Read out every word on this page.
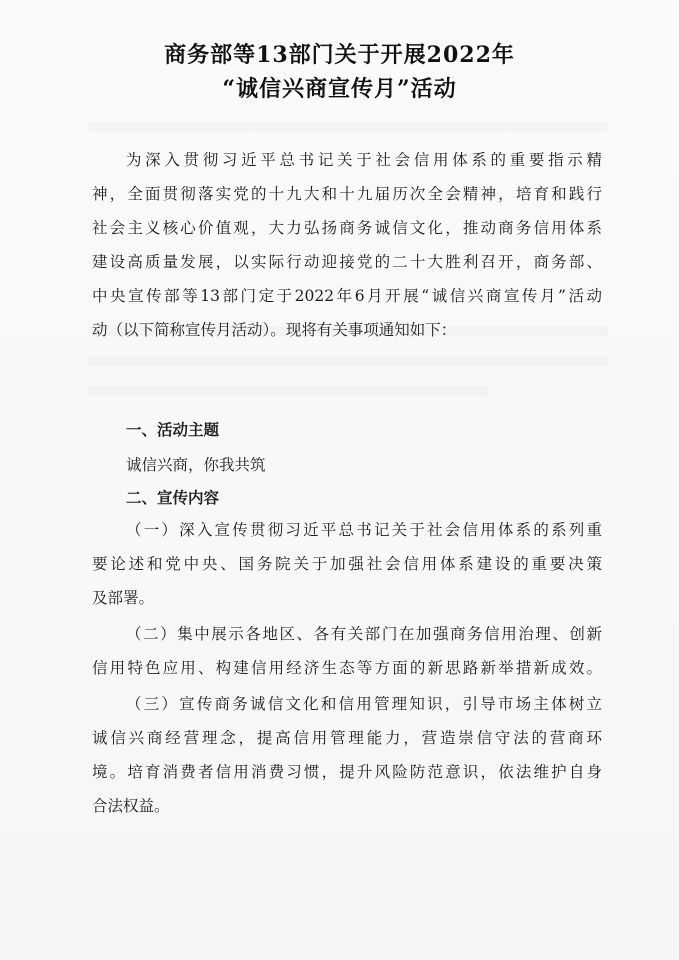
商务部等13部门关于开展2022年
“诚信兴商宣传月”活动
为深入贯彻习近平总书记关于社会信用体系的重要指示精
神，全面贯彻落实党的十九大和十九届历次全会精神，培育和践行
社会主义核心价值观，大力弘扬商务诚信文化，推动商务信用体系
建设高质量发展，以实际行动迎接党的二十大胜利召开，商务部、
中央宣传部等13部门定于2022年6月开展“诚信兴商宣传月”活动
动（以下简称宣传月活动）。现将有关事项通知如下：
一、活动主题
诚信兴商，你我共筑
二、宣传内容
（一）深入宣传贯彻习近平总书记关于社会信用体系的系列重
要论述和党中央、国务院关于加强社会信用体系建设的重要决策
及部署。
（二）集中展示各地区、各有关部门在加强商务信用治理、创新
信用特色应用、构建信用经济生态等方面的新思路新举措新成效。
（三）宣传商务诚信文化和信用管理知识，引导市场主体树立
诚信兴商经营理念，提高信用管理能力，营造崇信守法的营商环
境。培育消费者信用消费习惯，提升风险防范意识，依法维护自身
合法权益。
